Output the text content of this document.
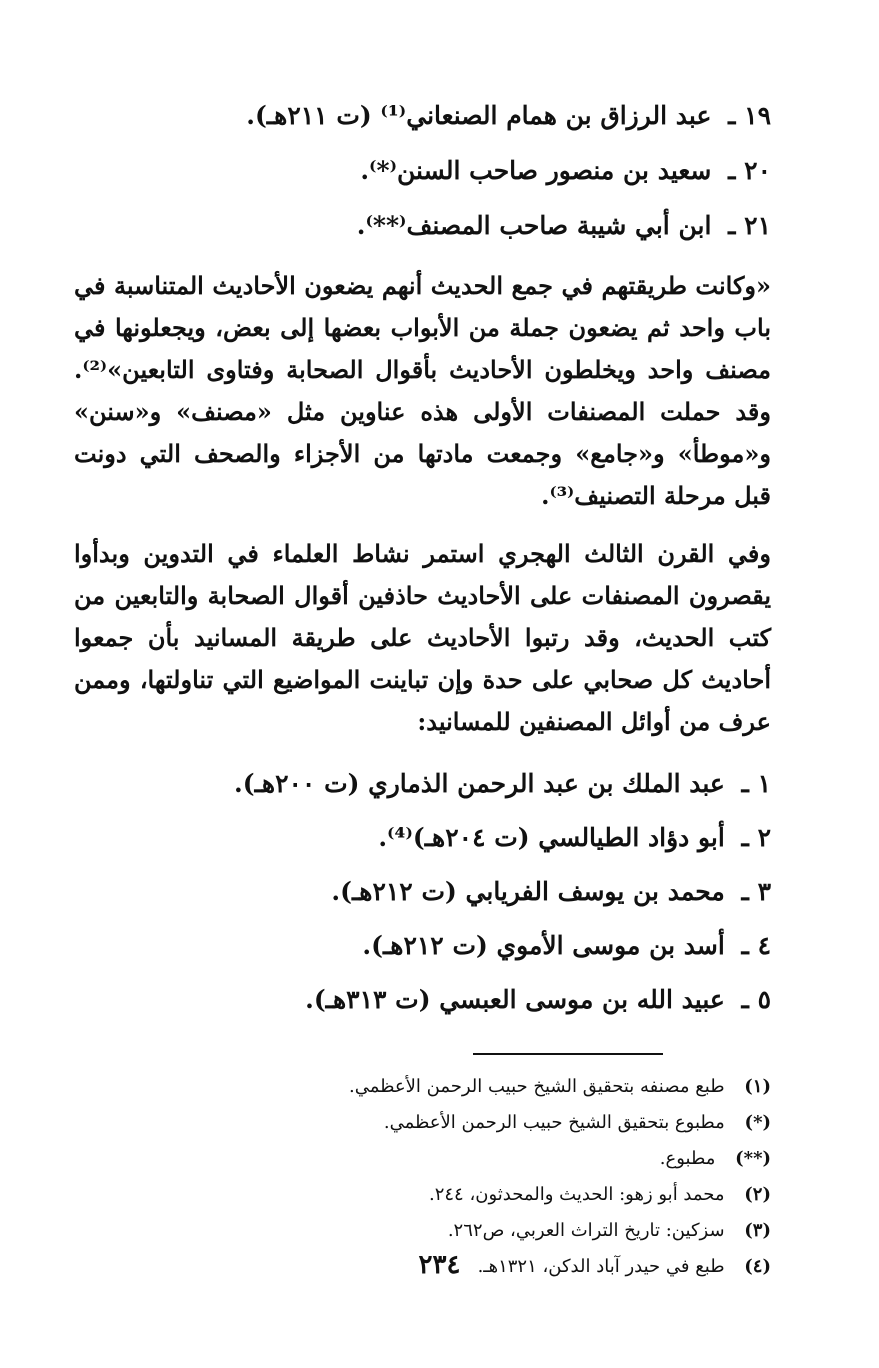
١٩ ـ عبد الرزاق بن همام الصنعاني⁽¹⁾ (ت ٢١١هـ).
٢٠ ـ سعيد بن منصور صاحب السنن⁽*⁾.
٢١ ـ ابن أبي شيبة صاحب المصنف⁽**⁾.

«وكانت طريقتهم في جمع الحديث أنهم يضعون الأحاديث المتناسبة في باب واحد ثم يضعون جملة من الأبواب بعضها إلى بعض، ويجعلونها في مصنف واحد ويخلطون الأحاديث بأقوال الصحابة وفتاوى التابعين»⁽²⁾. وقد حملت المصنفات الأولى هذه عناوين مثل «مصنف» و«سنن» و«موطأ» و«جامع» وجمعت مادتها من الأجزاء والصحف التي دونت قبل مرحلة التصنيف⁽³⁾.

وفي القرن الثالث الهجري استمر نشاط العلماء في التدوين وبدأوا يقصرون المصنفات على الأحاديث حاذفين أقوال الصحابة والتابعين من كتب الحديث، وقد رتبوا الأحاديث على طريقة المسانيد بأن جمعوا أحاديث كل صحابي على حدة وإن تباينت المواضيع التي تناولتها، وممن عرف من أوائل المصنفين للمسانيد:

١ ـ عبد الملك بن عبد الرحمن الذماري (ت ٢٠٠هـ).
٢ ـ أبو دؤاد الطيالسي (ت ٢٠٤هـ)⁽⁴⁾.
٣ ـ محمد بن يوسف الفريابي (ت ٢١٢هـ).
٤ ـ أسد بن موسى الأموي (ت ٢١٢هـ).
٥ ـ عبيد الله بن موسى العبسي (ت ٣١٣هـ).
(١) طبع مصنفه بتحقيق الشيخ حبيب الرحمن الأعظمي.
(*) مطبوع بتحقيق الشيخ حبيب الرحمن الأعظمي.
(**) مطبوع.
(٢) محمد أبو زهو: الحديث والمحدثون، ٢٤٤.
(٣) سزكين: تاريخ التراث العربي، ص٢٦٢.
(٤) طبع في حيدر آباد الدكن، ١٣٢١هـ.
٢٣٤
